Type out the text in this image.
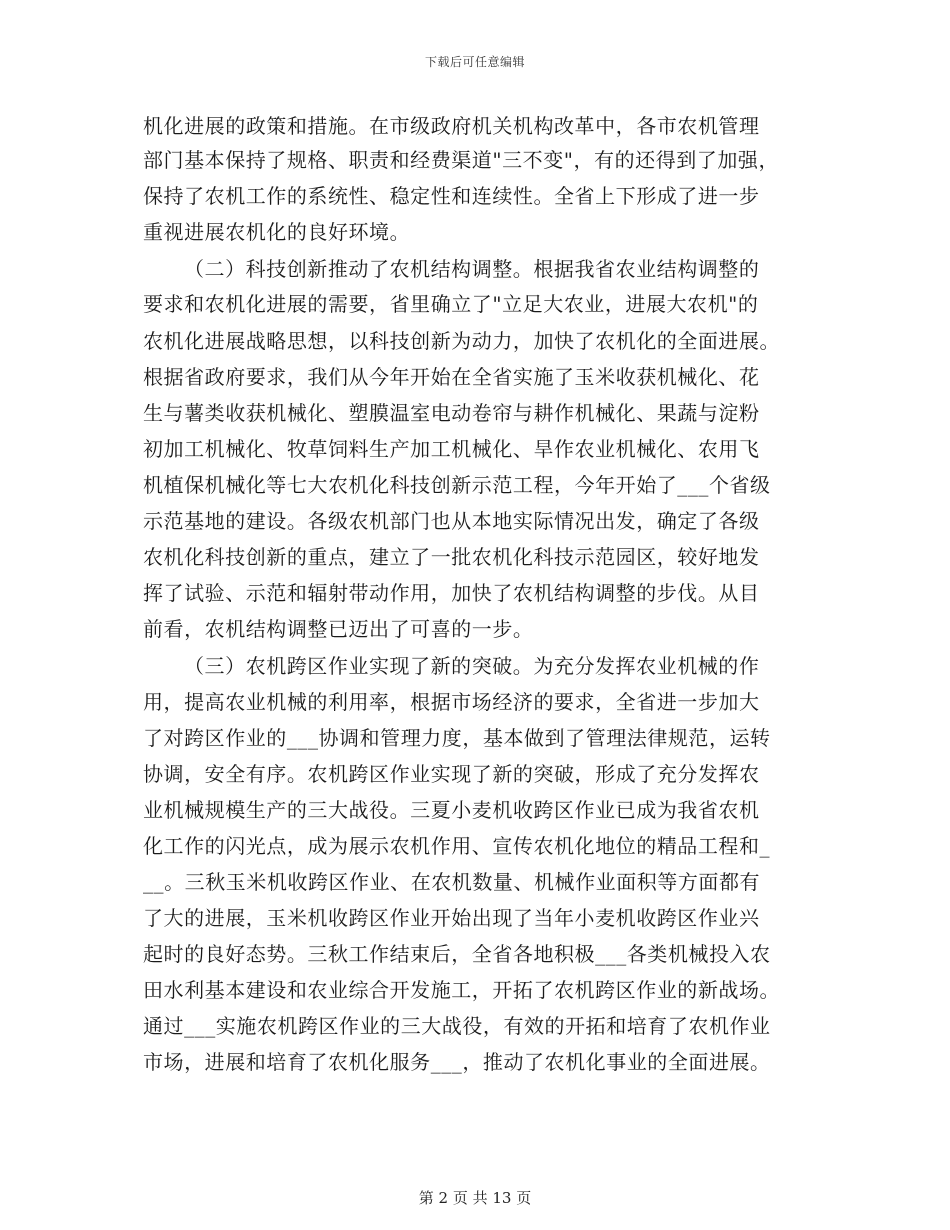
下载后可任意编辑
机化进展的政策和措施。在市级政府机关机构改革中，各市农机管理
部门基本保持了规格、职责和经费渠道"三不变"，有的还得到了加强，
保持了农机工作的系统性、稳定性和连续性。全省上下形成了进一步
重视进展农机化的良好环境。
（二）科技创新推动了农机结构调整。根据我省农业结构调整的
要求和农机化进展的需要，省里确立了"立足大农业，进展大农机"的
农机化进展战略思想，以科技创新为动力，加快了农机化的全面进展。
根据省政府要求，我们从今年开始在全省实施了玉米收获机械化、花
生与薯类收获机械化、塑膜温室电动卷帘与耕作机械化、果蔬与淀粉
初加工机械化、牧草饲料生产加工机械化、旱作农业机械化、农用飞
机植保机械化等七大农机化科技创新示范工程，今年开始了___个省级
示范基地的建设。各级农机部门也从本地实际情况出发，确定了各级
农机化科技创新的重点，建立了一批农机化科技示范园区，较好地发
挥了试验、示范和辐射带动作用，加快了农机结构调整的步伐。从目
前看，农机结构调整已迈出了可喜的一步。
（三）农机跨区作业实现了新的突破。为充分发挥农业机械的作
用，提高农业机械的利用率，根据市场经济的要求，全省进一步加大
了对跨区作业的___协调和管理力度，基本做到了管理法律规范，运转
协调，安全有序。农机跨区作业实现了新的突破，形成了充分发挥农
业机械规模生产的三大战役。三夏小麦机收跨区作业已成为我省农机
化工作的闪光点，成为展示农机作用、宣传农机化地位的精品工程和_
__。三秋玉米机收跨区作业、在农机数量、机械作业面积等方面都有
了大的进展，玉米机收跨区作业开始出现了当年小麦机收跨区作业兴
起时的良好态势。三秋工作结束后，全省各地积极___各类机械投入农
田水利基本建设和农业综合开发施工，开拓了农机跨区作业的新战场。
通过___实施农机跨区作业的三大战役，有效的开拓和培育了农机作业
市场，进展和培育了农机化服务___，推动了农机化事业的全面进展。
第 2 页 共 13 页
